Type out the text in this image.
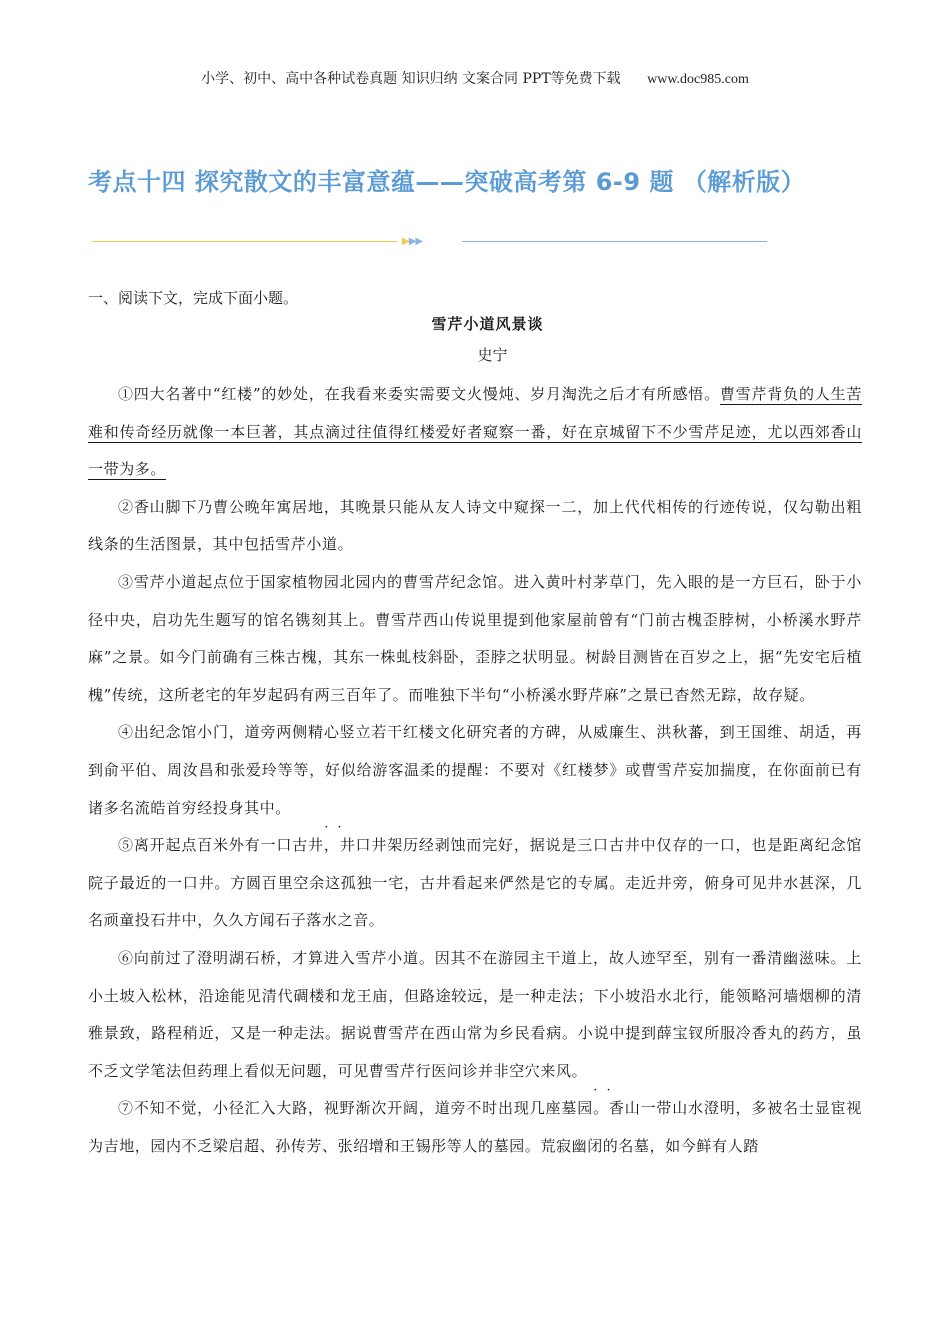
小学、初中、高中各种试卷真题 知识归纳 文案合同 PPT等免费下载 www.doc985.com
考点十四 探究散文的丰富意蕴——突破高考第 6-9 题 （解析版）
▶▶▶
一、阅读下文，完成下面小题。
雪芹小道风景谈
史宁

①四大名著中“红楼”的妙处，在我看来委实需要文火慢炖、岁月淘洗之后才有所感悟。曹雪芹背负的人生苦难和传奇经历就像一本巨著，其点滴过往值得红楼爱好者窥察一番，好在京城留下不少雪芹足迹，尤以西郊香山一带为多。

②香山脚下乃曹公晚年寓居地，其晚景只能从友人诗文中窥探一二，加上代代相传的行迹传说，仅勾勒出粗线条的生活图景，其中包括雪芹小道。

③雪芹小道起点位于国家植物园北园内的曹雪芹纪念馆。进入黄叶村茅草门，先入眼的是一方巨石，卧于小径中央，启功先生题写的馆名镌刻其上。曹雪芹西山传说里提到他家屋前曾有“门前古槐歪脖树，小桥溪水野芹麻”之景。如今门前确有三株古槐，其东一株虬枝斜卧，歪脖之状明显。树龄目测皆在百岁之上，据“先安宅后植槐”传统，这所老宅的年岁起码有两三百年了。而唯独下半句“小桥溪水野芹麻”之景已杳然无踪，故存疑。

④出纪念馆小门，道旁两侧精心竖立若干红楼文化研究者的方碑，从威廉生、洪秋蕃，到王国维、胡适，再到俞平伯、周汝昌和张爱玲等等，好似给游客温柔的提醒：不要对《红楼梦》或曹雪芹妄加揣度，在你面前已有诸多名流皓首穷经投身其中。

⑤离开起点百米外有一口·· 古井，井口井架历经剥蚀而完好，据说是三口古井中仅存的一口，也是距离纪念馆院子最近的一口井。方圆百里空余这孤独一宅，古井看起来俨然是它的专属。走近井旁，俯身可见井水甚深，几名顽童投石井中，久久方闻石子落水之音。

⑥向前过了澄明湖石桥，才算进入雪芹小道。因其不在游园主干道上，故人迹罕至，别有一番清幽滋味。上小土坡入松林，沿途能见清代碉楼和龙王庙，但路途较远，是一种走法；下小坡沿水北行，能领略河墙烟柳的清雅景致，路程稍近，又是一种走法。据说曹雪芹在西山常为乡民看病。小说中提到薛宝钗所服冷香丸的药方，虽不乏文学笔法但药理上看似无问题，可见曹雪芹行医问诊并非空穴来风。

⑦不知不觉，小径汇入大路，视野渐次开阔，道旁不时出现几座·· 墓园。香山一带山水澄明，多被名士显宦视为吉地，园内不乏梁启超、孙传芳、张绍增和王锡彤等人的墓园。荒寂幽闭的名墓，如今鲜有人踏
